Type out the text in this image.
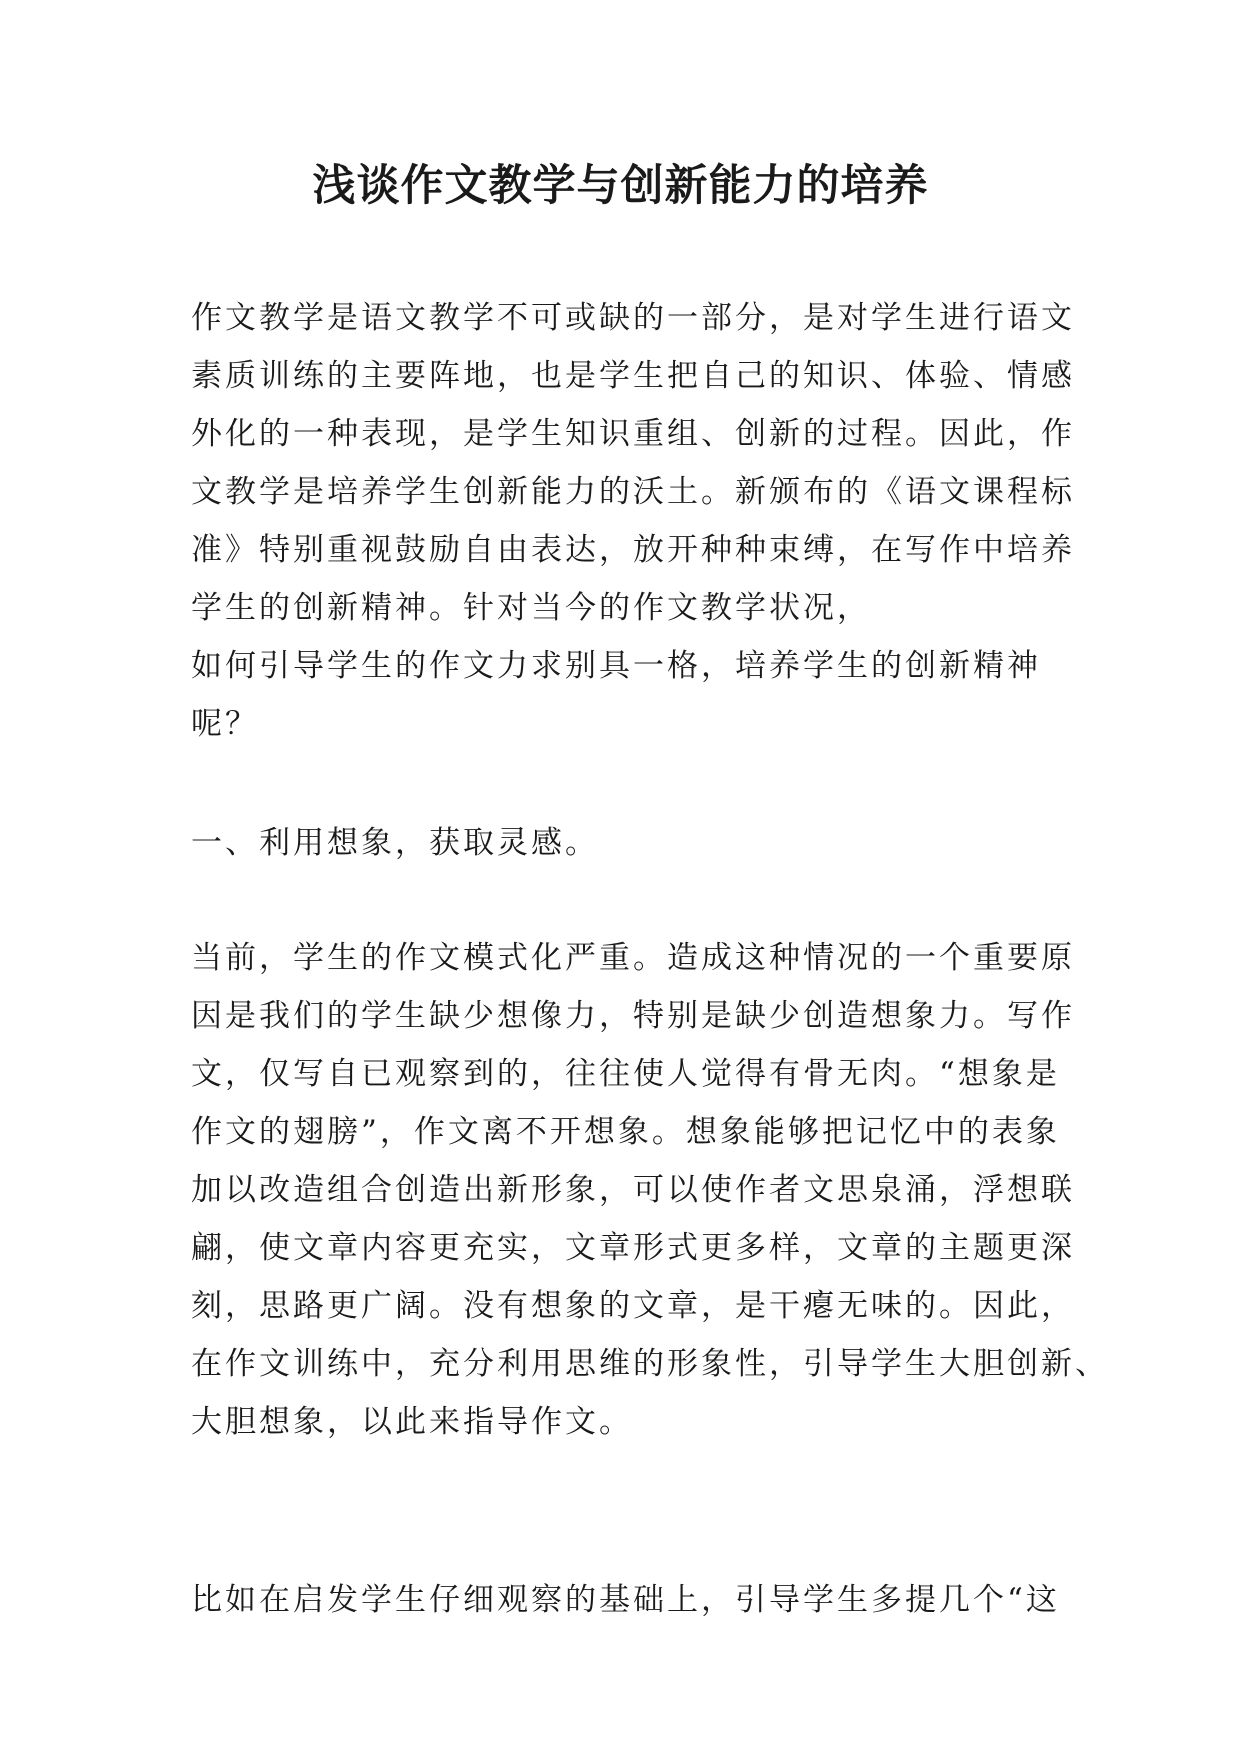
浅谈作文教学与创新能力的培养

作文教学是语文教学不可或缺的一部分，是对学生进行语文
素质训练的主要阵地，也是学生把自己的知识、体验、情感
外化的一种表现，是学生知识重组、创新的过程。因此，作
文教学是培养学生创新能力的沃土。新颁布的《语文课程标
准》特别重视鼓励自由表达，放开种种束缚，在写作中培养
学生的创新精神。针对当今的作文教学状况，
如何引导学生的作文力求别具一格，培养学生的创新精神
呢？

一、利用想象，获取灵感。

当前，学生的作文模式化严重。造成这种情况的一个重要原
因是我们的学生缺少想像力，特别是缺少创造想象力。写作
文，仅写自已观察到的，往往使人觉得有骨无肉。“想象是
作文的翅膀”，作文离不开想象。想象能够把记忆中的表象
加以改造组合创造出新形象，可以使作者文思泉涌，浮想联
翩，使文章内容更充实，文章形式更多样，文章的主题更深
刻，思路更广阔。没有想象的文章，是干瘪无味的。因此，
在作文训练中，充分利用思维的形象性，引导学生大胆创新、
大胆想象，以此来指导作文。

比如在启发学生仔细观察的基础上，引导学生多提几个“这
